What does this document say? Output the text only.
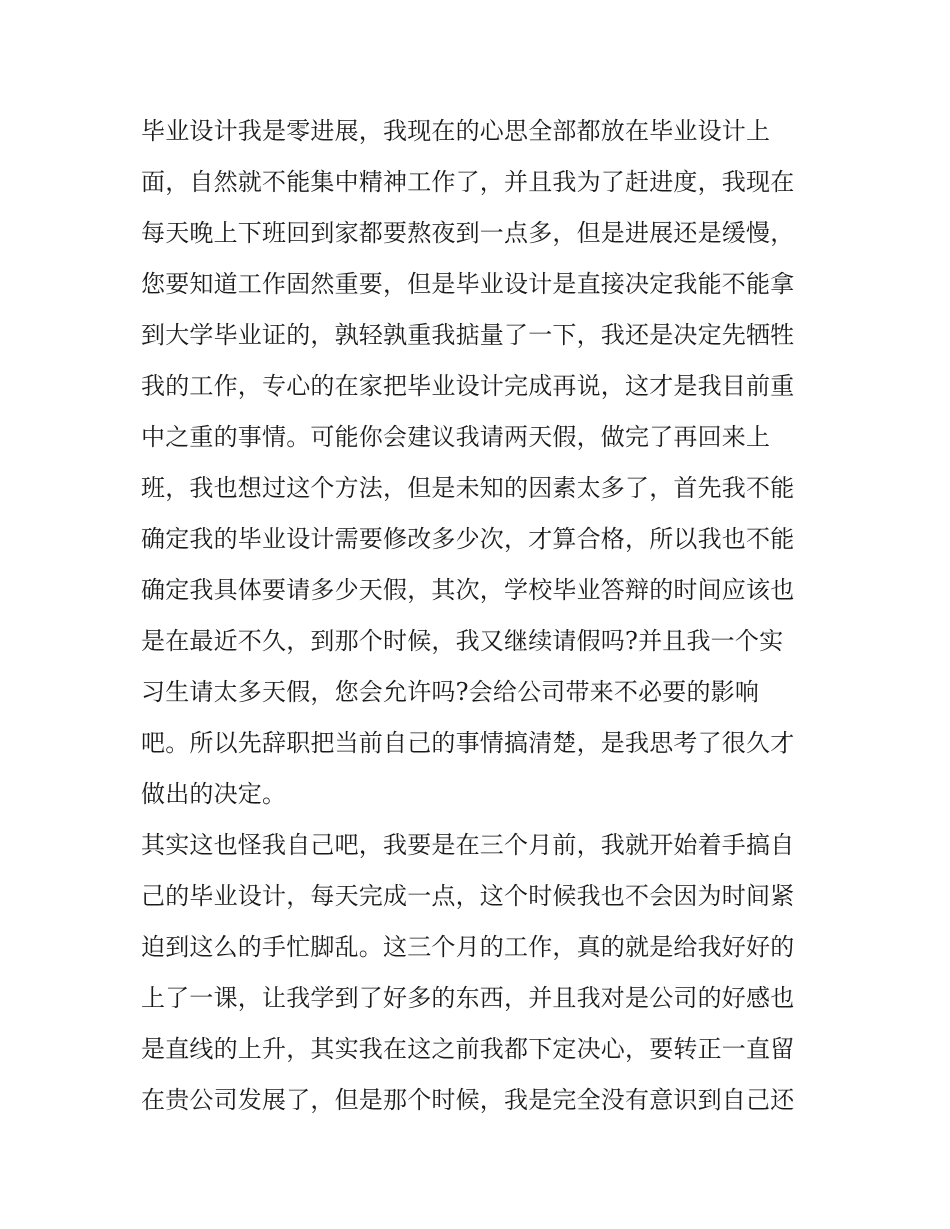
毕业设计我是零进展，我现在的心思全部都放在毕业设计上
面，自然就不能集中精神工作了，并且我为了赶进度，我现在
每天晚上下班回到家都要熬夜到一点多，但是进展还是缓慢，
您要知道工作固然重要，但是毕业设计是直接决定我能不能拿
到大学毕业证的，孰轻孰重我掂量了一下，我还是决定先牺牲
我的工作，专心的在家把毕业设计完成再说，这才是我目前重
中之重的事情。可能你会建议我请两天假，做完了再回来上
班，我也想过这个方法，但是未知的因素太多了，首先我不能
确定我的毕业设计需要修改多少次，才算合格，所以我也不能
确定我具体要请多少天假，其次，学校毕业答辩的时间应该也
是在最近不久，到那个时候，我又继续请假吗?并且我一个实
习生请太多天假，您会允许吗?会给公司带来不必要的影响
吧。所以先辞职把当前自己的事情搞清楚，是我思考了很久才
做出的决定。
其实这也怪我自己吧，我要是在三个月前，我就开始着手搞自
己的毕业设计，每天完成一点，这个时候我也不会因为时间紧
迫到这么的手忙脚乱。这三个月的工作，真的就是给我好好的
上了一课，让我学到了好多的东西，并且我对是公司的好感也
是直线的上升，其实我在这之前我都下定决心，要转正一直留
在贵公司发展了，但是那个时候，我是完全没有意识到自己还
